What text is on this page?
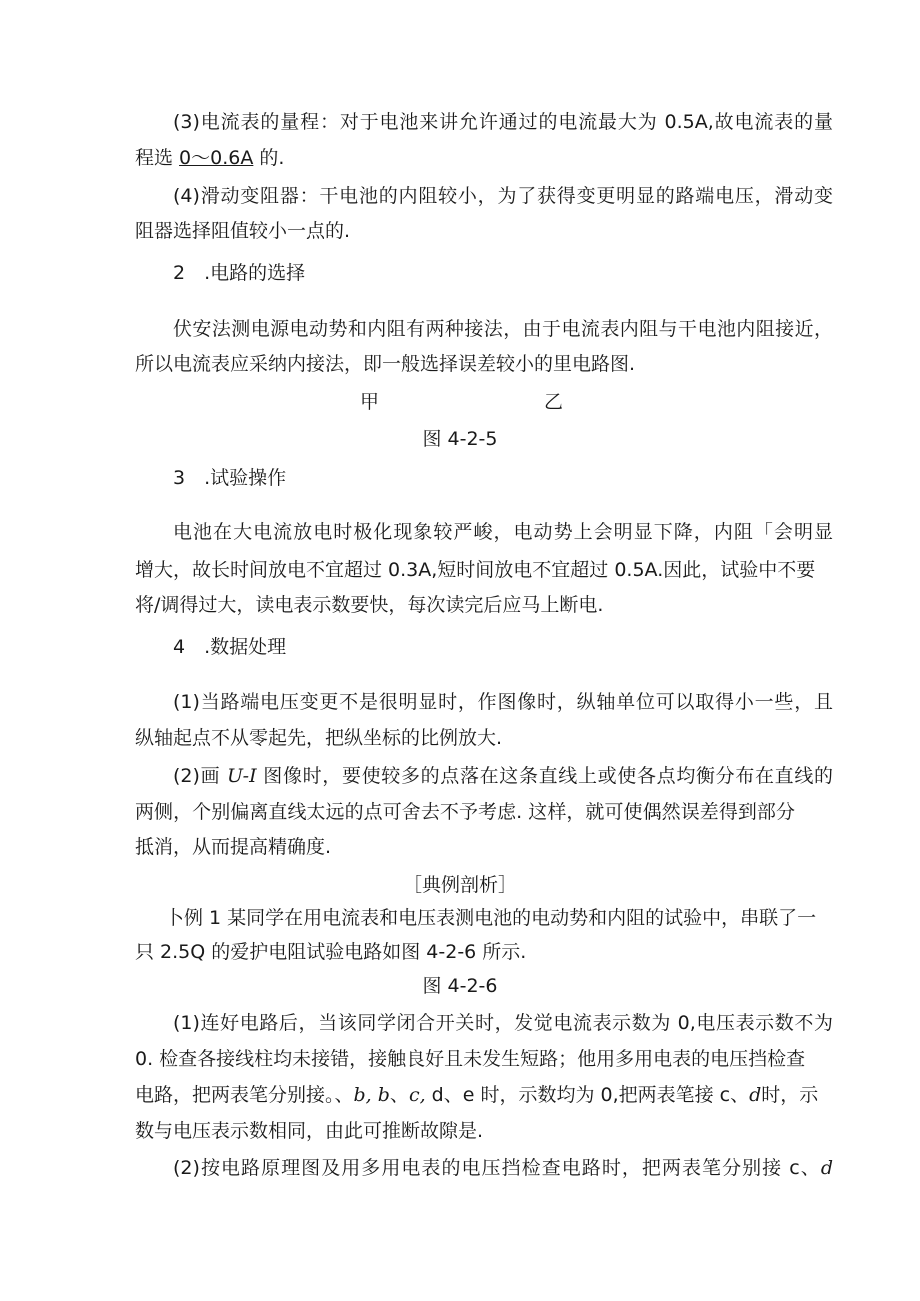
(3)电流表的量程：对于电池来讲允许通过的电流最大为 0.5A,故电流表的量
程选 0～0.6A 的.
(4)滑动变阻器：干电池的内阻较小，为了获得变更明显的路端电压，滑动变
阻器选择阻值较小一点的.
2　.电路的选择
伏安法测电源电动势和内阻有两种接法，由于电流表内阻与干电池内阻接近，
所以电流表应采纳内接法，即一般选择误差较小的里电路图.
甲	乙
图 4-2-5
3　.试验操作
电池在大电流放电时极化现象较严峻，电动势上会明显下降，内阻「会明显
增大，故长时间放电不宜超过 0.3A,短时间放电不宜超过 0.5A.因此，试验中不要
将/调得过大，读电表示数要快，每次读完后应马上断电.
4　.数据处理
(1)当路端电压变更不是很明显时，作图像时，纵轴单位可以取得小一些，且
纵轴起点不从零起先，把纵坐标的比例放大.
(2)画 U-I 图像时，要使较多的点落在这条直线上或使各点均衡分布在直线的
两侧，个别偏离直线太远的点可舍去不予考虑. 这样，就可使偶然误差得到部分
抵消，从而提高精确度.
［典例剖析］
卜例 1 某同学在用电流表和电压表测电池的电动势和内阻的试验中，串联了一
只 2.5Q 的爱护电阻试验电路如图 4-2-6 所示.
图 4-2-6
(1)连好电路后，当该同学闭合开关时，发觉电流表示数为 0,电压表示数不为
0. 检查各接线柱均未接错，接触良好且未发生短路；他用多用电表的电压挡检查
电路，把两表笔分别接。、b, b、c, d、e 时，示数均为 0,把两表笔接 c、d时，示
数与电压表示数相同，由此可推断故隙是.
(2)按电路原理图及用多用电表的电压挡检查电路时，把两表笔分别接 c、d
